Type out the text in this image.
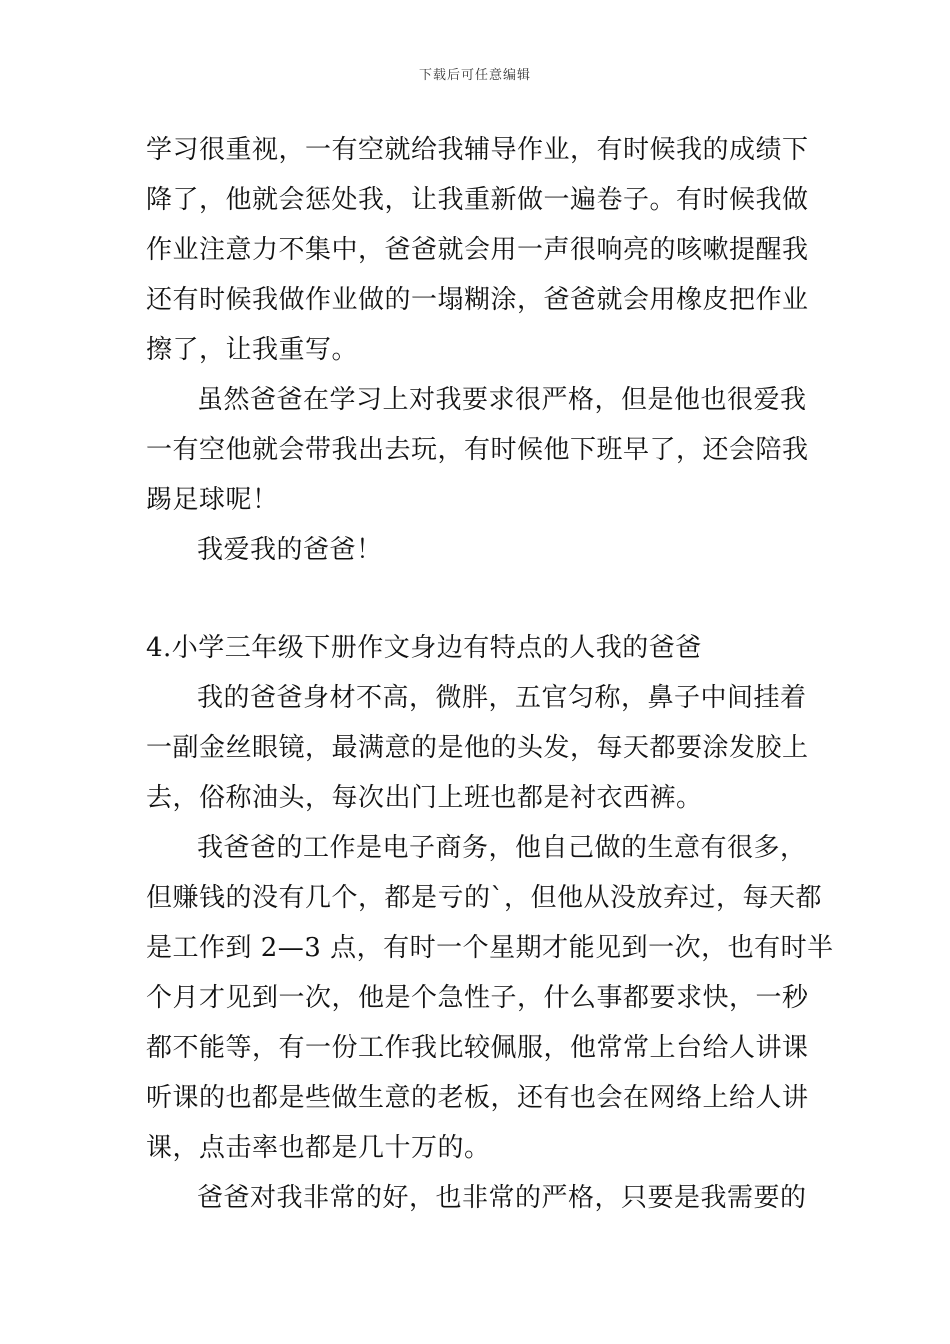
下载后可任意编辑
学习很重视，一有空就给我辅导作业，有时候我的成绩下
降了，他就会惩处我，让我重新做一遍卷子。有时候我做
作业注意力不集中，爸爸就会用一声很响亮的咳嗽提醒我
还有时候我做作业做的一塌糊涂，爸爸就会用橡皮把作业
擦了，让我重写。
虽然爸爸在学习上对我要求很严格，但是他也很爱我
一有空他就会带我出去玩，有时候他下班早了，还会陪我
踢足球呢！
我爱我的爸爸！
4.小学三年级下册作文身边有特点的人我的爸爸
我的爸爸身材不高，微胖，五官匀称，鼻子中间挂着
一副金丝眼镜，最满意的是他的头发，每天都要涂发胶上
去，俗称油头，每次出门上班也都是衬衣西裤。
我爸爸的工作是电子商务，他自己做的生意有很多，
但赚钱的没有几个，都是亏的`，但他从没放弃过，每天都
是工作到 2—3 点，有时一个星期才能见到一次，也有时半
个月才见到一次，他是个急性子，什么事都要求快，一秒
都不能等，有一份工作我比较佩服，他常常上台给人讲课
听课的也都是些做生意的老板，还有也会在网络上给人讲
课，点击率也都是几十万的。
爸爸对我非常的好，也非常的严格，只要是我需要的
